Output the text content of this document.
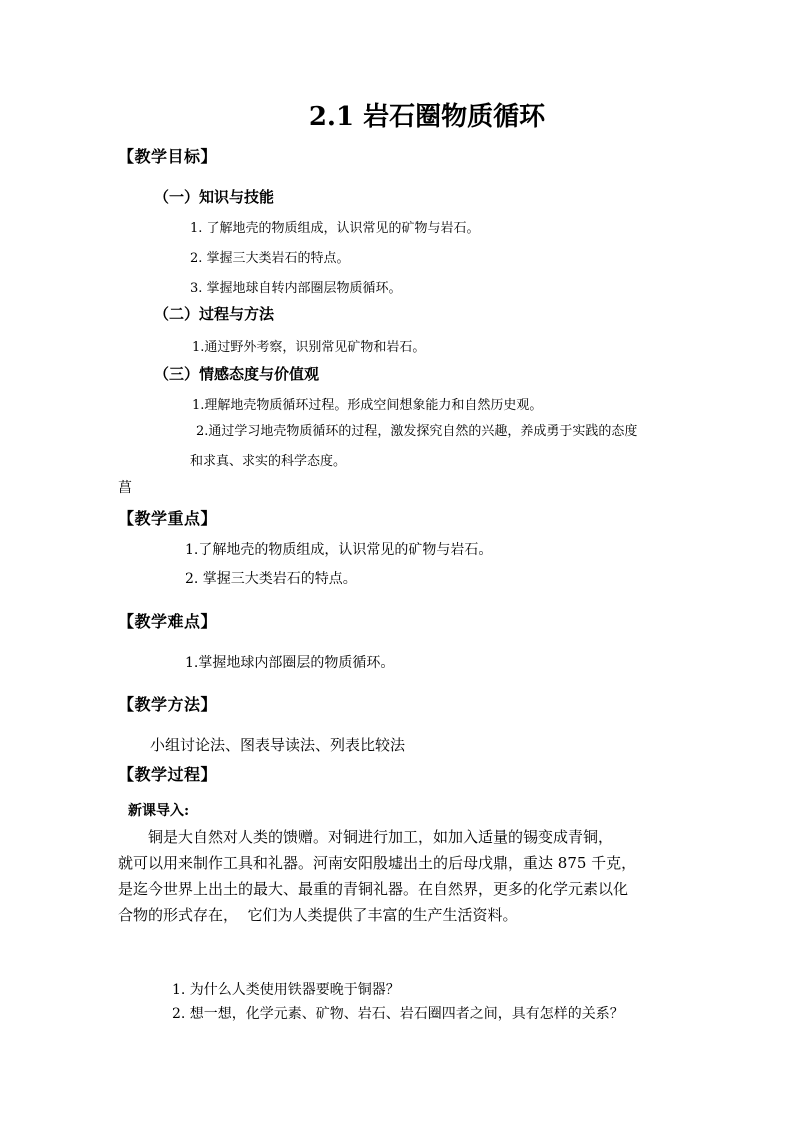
2.1 岩石圈物质循环
【教学目标】
（一）知识与技能
1. 了解地壳的物质组成，认识常见的矿物与岩石。
2. 掌握三大类岩石的特点。
3. 掌握地球自转内部圈层物质循环。
（二）过程与方法
1.通过野外考察，识别常见矿物和岩石。
（三）情感态度与价值观
1.理解地壳物质循环过程。形成空间想象能力和自然历史观。
2.通过学习地壳物质循环的过程，激发探究自然的兴趣，养成勇于实践的态度
和求真、求实的科学态度。
菖
【教学重点】
1.了解地壳的物质组成，认识常见的矿物与岩石。
2. 掌握三大类岩石的特点。
【教学难点】
1.掌握地球内部圈层的物质循环。
【教学方法】
小组讨论法、图表导读法、列表比较法
【教学过程】
新课导入:
铜是大自然对人类的馈赠。对铜进行加工，如加入适量的锡变成青铜，
就可以用来制作工具和礼器。河南安阳殷墟出土的后母戊鼎，重达 875 千克，
是迄今世界上出土的最大、最重的青铜礼器。在自然界，更多的化学元素以化
合物的形式存在，  它们为人类提供了丰富的生产生活资料。
1. 为什么人类使用铁器要晚于铜器？
2. 想一想，化学元素、矿物、岩石、岩石圈四者之间，具有怎样的关系？
